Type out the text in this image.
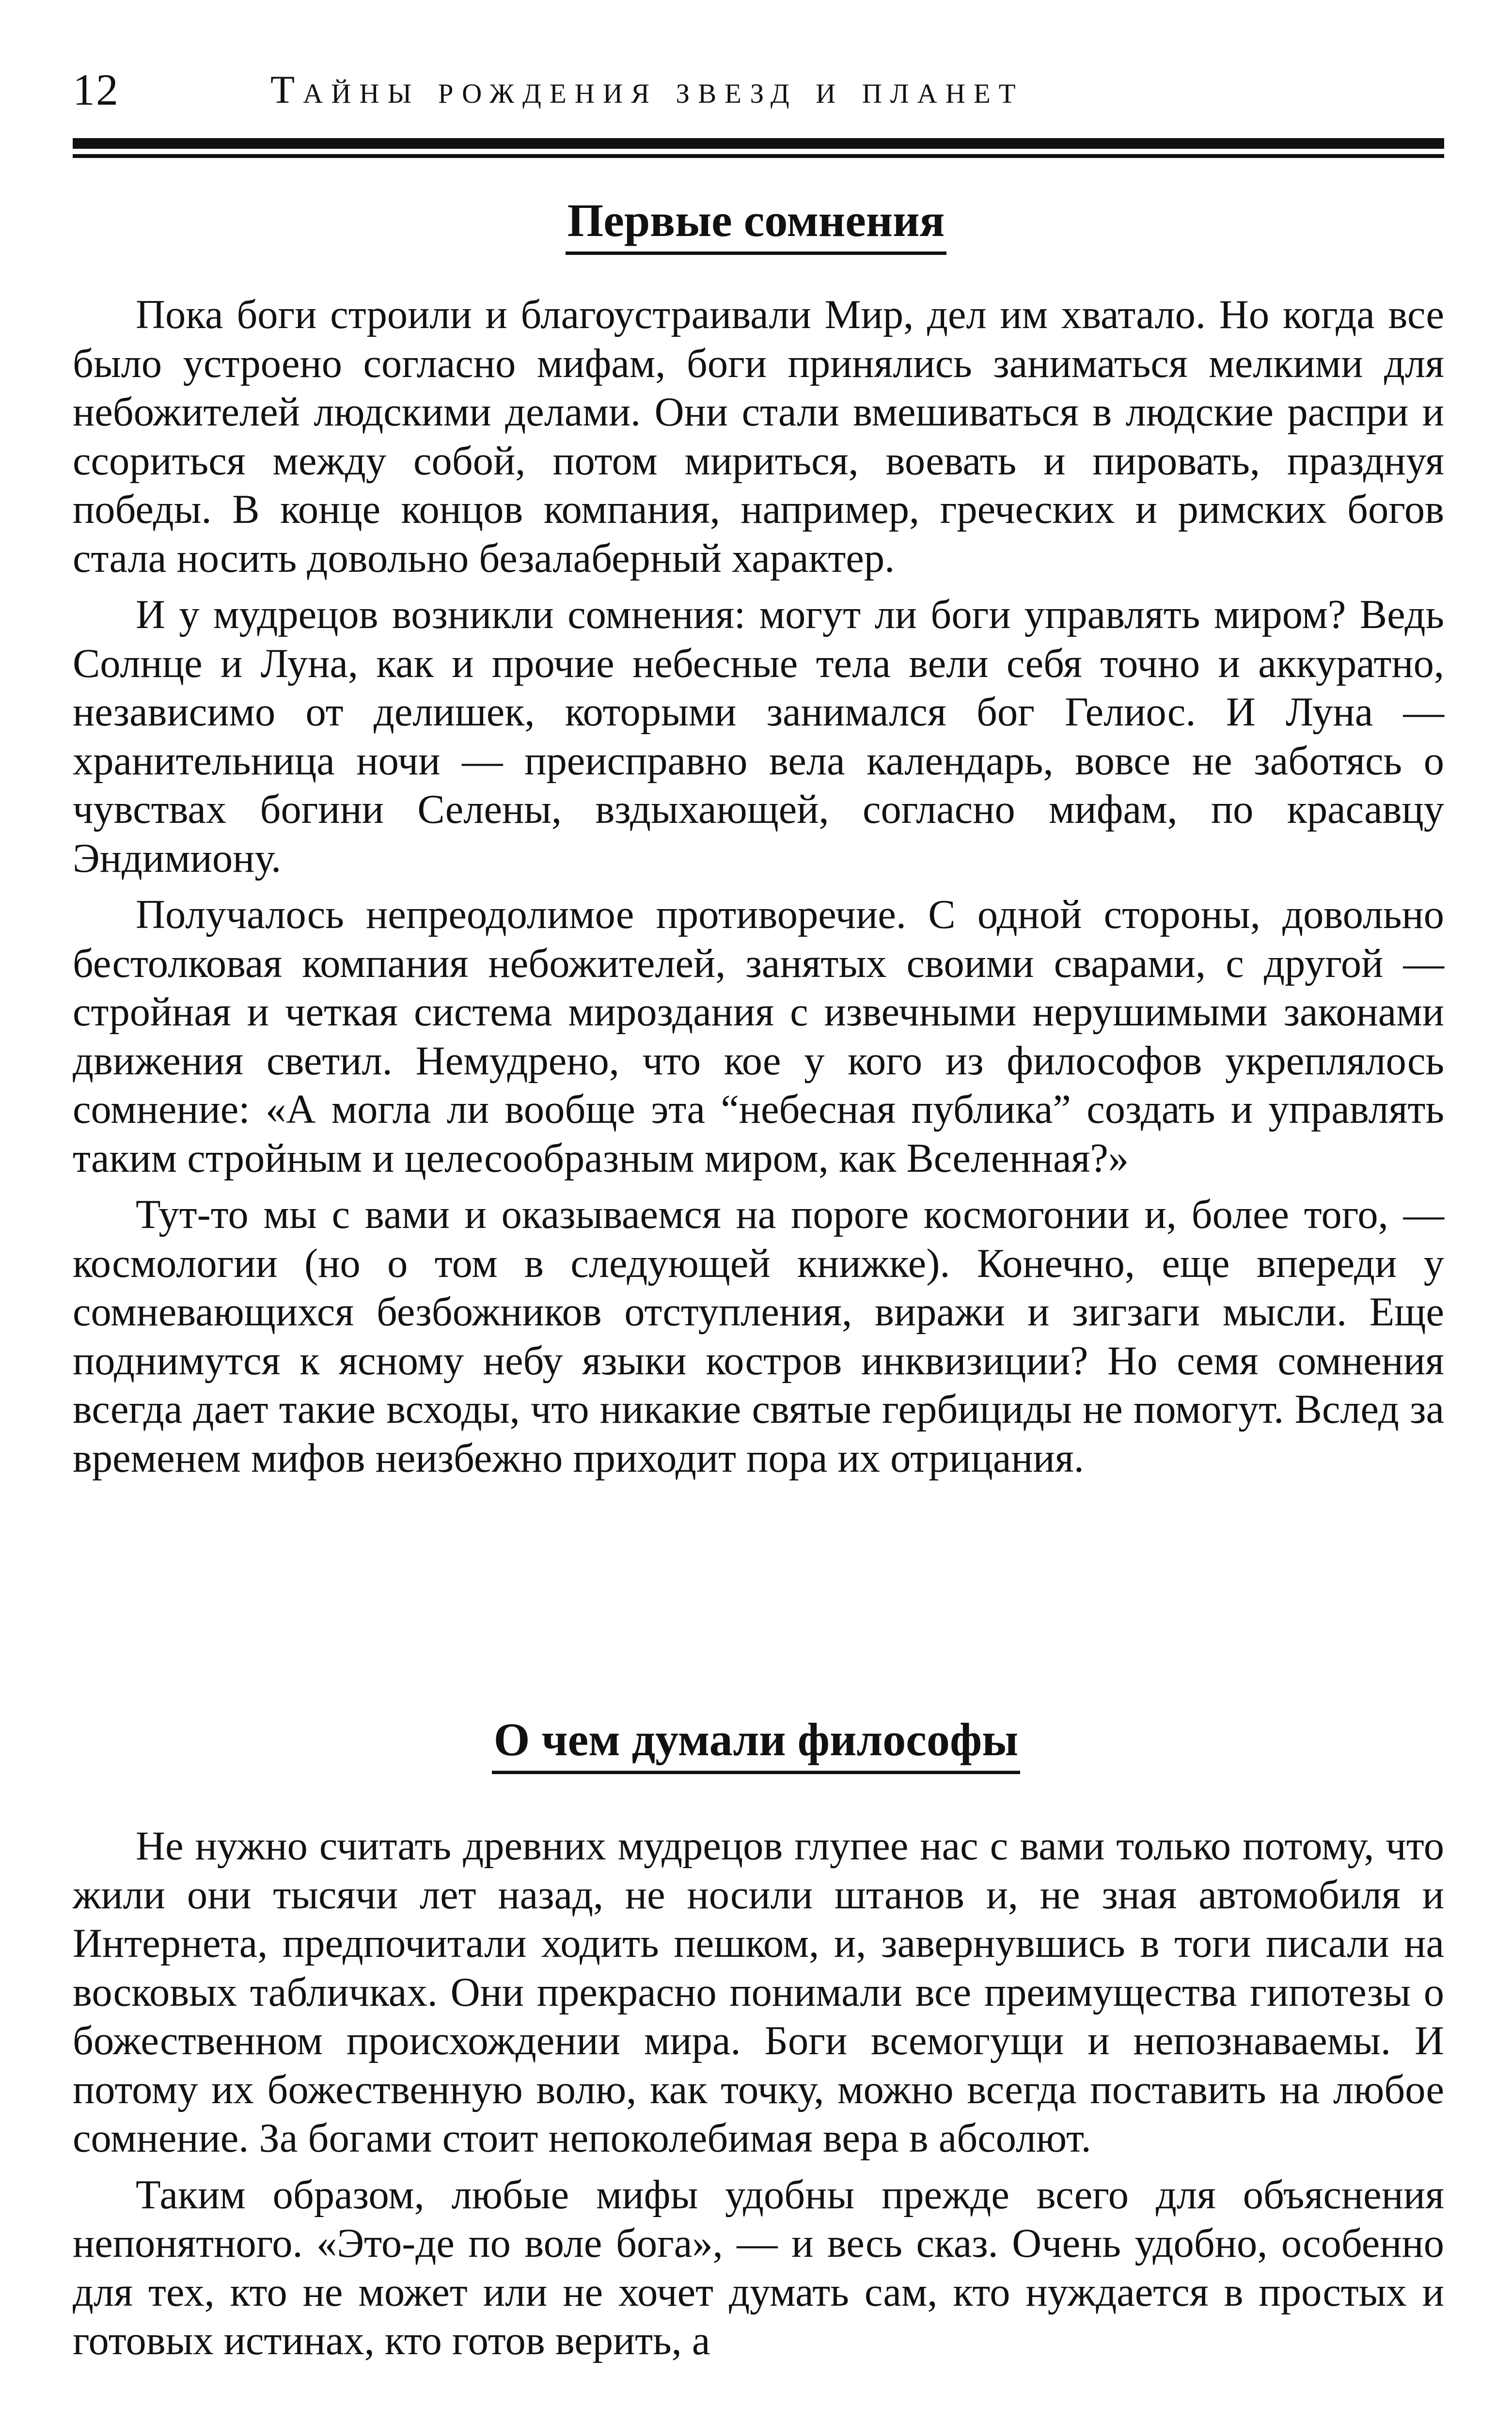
12	Тайны рождения звезд и планет
Первые сомнения

Пока боги строили и благоустраивали Мир, дел им хватало. Но когда все было устроено согласно мифам, боги принялись заниматься мелкими для небожителей людскими делами. Они стали вмешиваться в людские распри и ссориться между собой, потом мириться, воевать и пировать, празднуя победы. В конце концов компания, например, греческих и римских богов стала носить довольно безалаберный характер.

И у мудрецов возникли сомнения: могут ли боги управлять миром? Ведь Солнце и Луна, как и прочие небесные тела вели себя точно и аккуратно, независимо от делишек, которыми занимался бог Гелиос. И Луна — хранительница ночи — преисправно вела календарь, вовсе не заботясь о чувствах богини Селены, вздыхающей, согласно мифам, по красавцу Эндимиону.

Получалось непреодолимое противоречие. С одной стороны, довольно бестолковая компания небожителей, занятых своими сварами, с другой — стройная и четкая система мироздания с извечными нерушимыми законами движения светил. Немудрено, что кое у кого из философов укреплялось сомнение: «А могла ли вообще эта “небесная публика” создать и управлять таким стройным и целесообразным миром, как Вселенная?»

Тут-то мы с вами и оказываемся на пороге космогонии и, более того, — космологии (но о том в следующей книжке). Конечно, еще впереди у сомневающихся безбожников отступления, виражи и зигзаги мысли. Еще поднимутся к ясному небу языки костров инквизиции? Но семя сомнения всегда дает такие всходы, что никакие святые гербициды не помогут. Вслед за временем мифов неизбежно приходит пора их отрицания.

О чем думали философы

Не нужно считать древних мудрецов глупее нас с вами только потому, что жили они тысячи лет назад, не носили штанов и, не зная автомобиля и Интернета, предпочитали ходить пешком, и, завернувшись в тоги писали на восковых табличках. Они прекрасно понимали все преимущества гипотезы о божественном происхождении мира. Боги всемогущи и непознаваемы. И потому их божественную волю, как точку, можно всегда поставить на любое сомнение. За богами стоит непоколебимая вера в абсолют.

Таким образом, любые мифы удобны прежде всего для объяснения непонятного. «Это-де по воле бога», — и весь сказ. Очень удобно, особенно для тех, кто не может или не хочет думать сам, кто нуждается в простых и готовых истинах, кто готов верить, а
